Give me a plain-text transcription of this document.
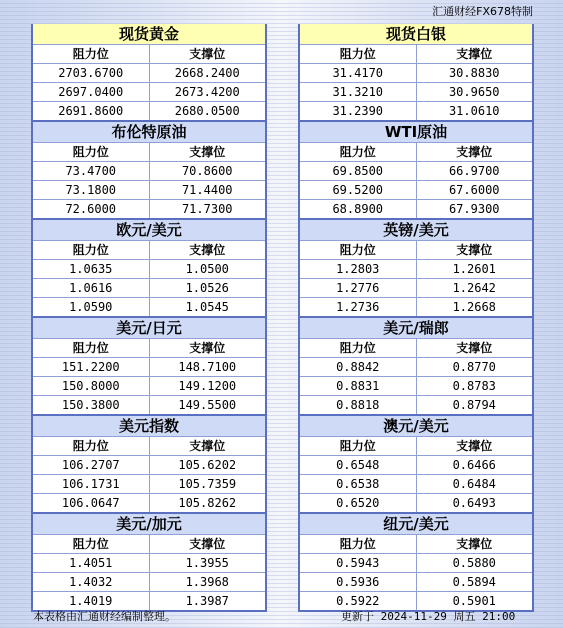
汇通财经FX678特制
现货黄金
阻力位	支撑位
2703.6700	2668.2400
2697.0400	2673.4200
2691.8600	2680.0500
布伦特原油
阻力位	支撑位
73.4700	70.8600
73.1800	71.4400
72.6000	71.7300
欧元/美元
阻力位	支撑位
1.0635	1.0500
1.0616	1.0526
1.0590	1.0545
美元/日元
阻力位	支撑位
151.2200	148.7100
150.8000	149.1200
150.3800	149.5500
美元指数
阻力位	支撑位
106.2707	105.6202
106.1731	105.7359
106.0647	105.8262
美元/加元
阻力位	支撑位
1.4051	1.3955
1.4032	1.3968
1.4019	1.3987
现货白银
阻力位	支撑位
31.4170	30.8830
31.3210	30.9650
31.2390	31.0610
WTI原油
阻力位	支撑位
69.8500	66.9700
69.5200	67.6000
68.8900	67.9300
英镑/美元
阻力位	支撑位
1.2803	1.2601
1.2776	1.2642
1.2736	1.2668
美元/瑞郎
阻力位	支撑位
0.8842	0.8770
0.8831	0.8783
0.8818	0.8794
澳元/美元
阻力位	支撑位
0.6548	0.6466
0.6538	0.6484
0.6520	0.6493
纽元/美元
阻力位	支撑位
0.5943	0.5880
0.5936	0.5894
0.5922	0.5901
本表格由汇通财经编制整理。	更新于 2024-11-29 周五 21:00
